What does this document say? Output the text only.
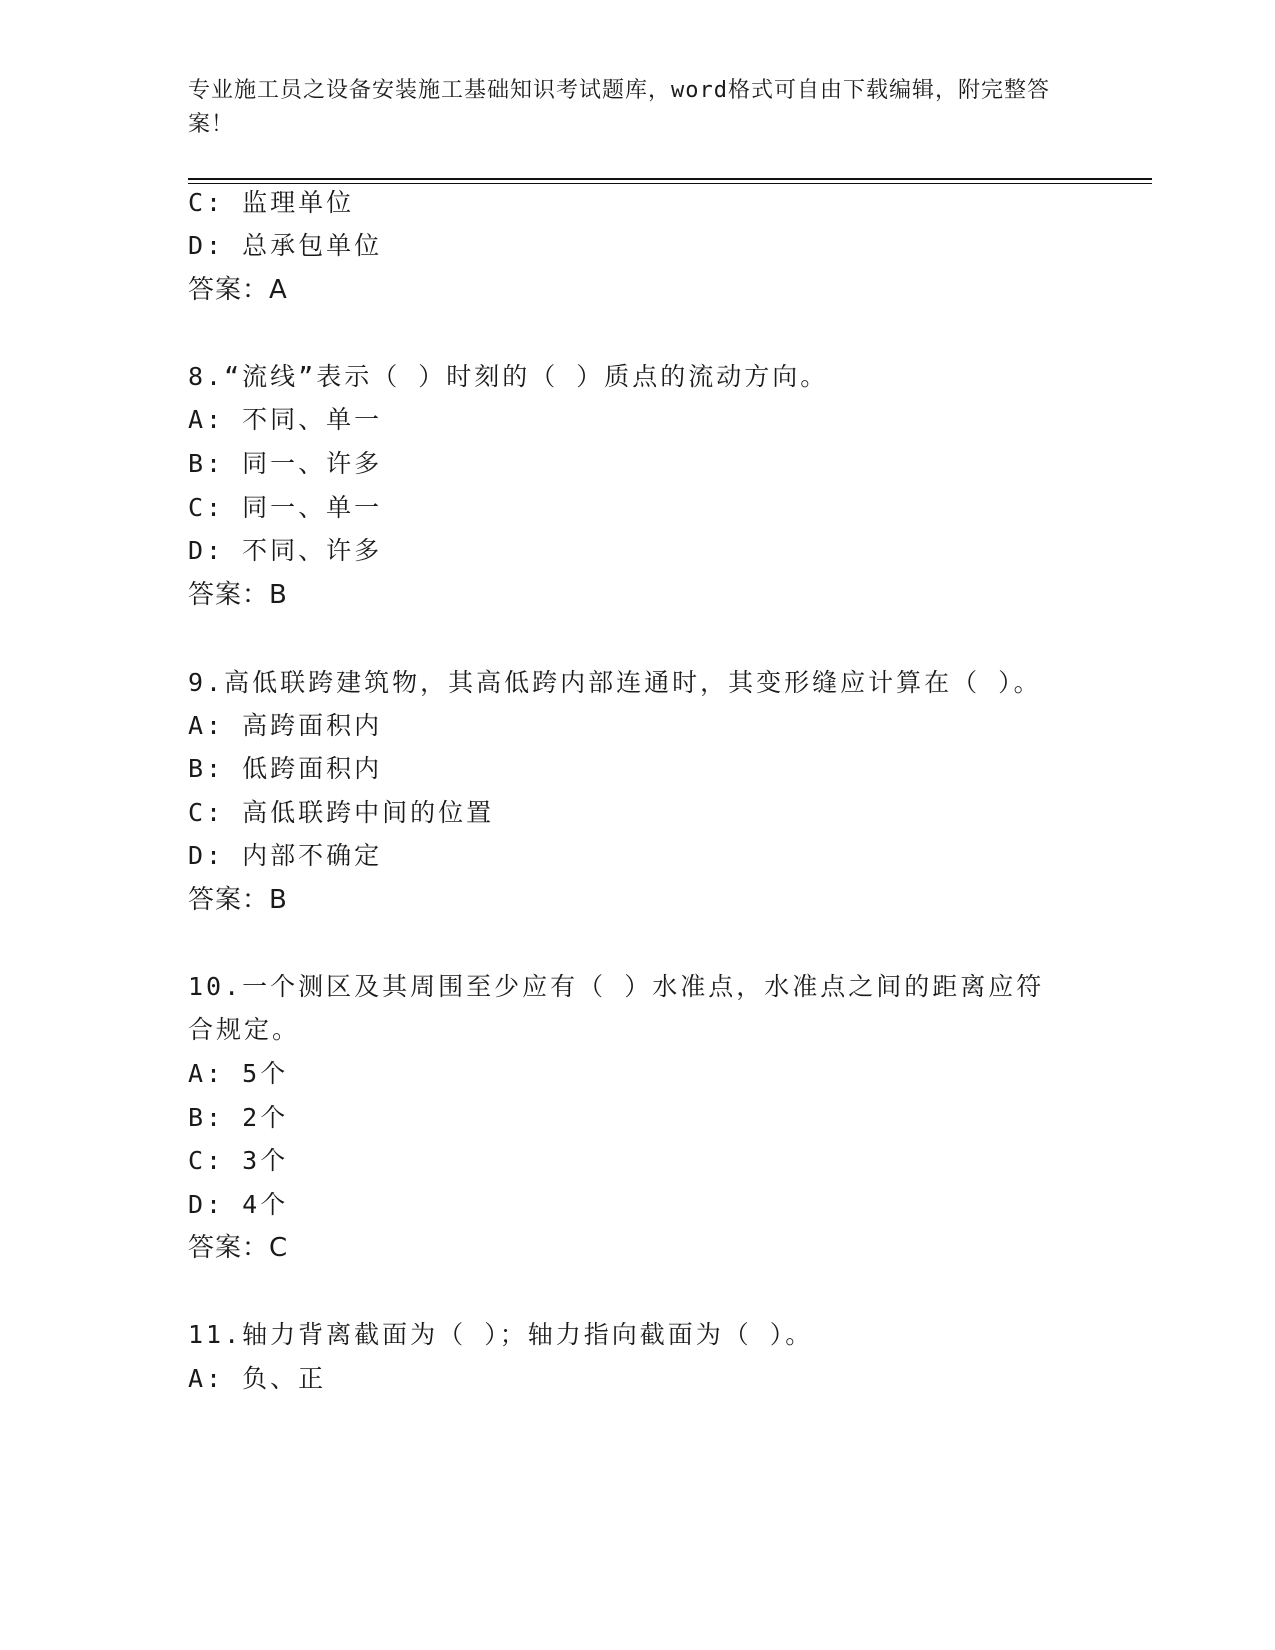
专业施工员之设备安装施工基础知识考试题库，word格式可自由下载编辑，附完整答案！
C: 监理单位
D: 总承包单位
答案：A
8.“流线”表示（ ）时刻的（ ）质点的流动方向。
A: 不同、单一
B: 同一、许多
C: 同一、单一
D: 不同、许多
答案：B
9.高低联跨建筑物，其高低跨内部连通时，其变形缝应计算在（ ）。
A: 高跨面积内
B: 低跨面积内
C: 高低联跨中间的位置
D: 内部不确定
答案：B
10.一个测区及其周围至少应有（ ）水准点，水准点之间的距离应符
合规定。
A: 5个
B: 2个
C: 3个
D: 4个
答案：C
11.轴力背离截面为（ ）；轴力指向截面为（ ）。
A: 负、正
